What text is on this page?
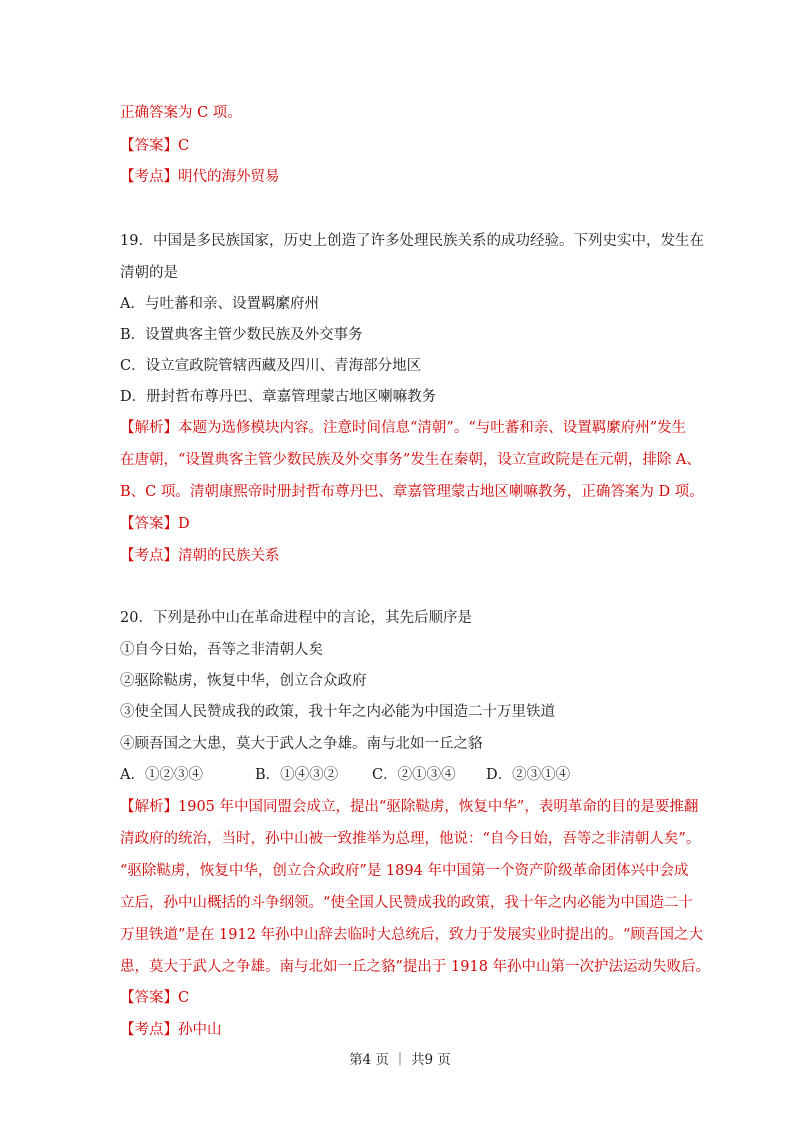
正确答案为 C 项。
【答案】C
【考点】明代的海外贸易
19．中国是多民族国家，历史上创造了许多处理民族关系的成功经验。下列史实中，发生在
清朝的是
A．与吐蕃和亲、设置羁縻府州
B．设置典客主管少数民族及外交事务
C．设立宣政院管辖西藏及四川、青海部分地区
D．册封哲布尊丹巴、章嘉管理蒙古地区喇嘛教务
【解析】本题为选修模块内容。注意时间信息“清朝”。“与吐蕃和亲、设置羁縻府州”发生
在唐朝，“设置典客主管少数民族及外交事务”发生在秦朝，设立宣政院是在元朝，排除 A、
B、C 项。清朝康熙帝时册封哲布尊丹巴、章嘉管理蒙古地区喇嘛教务，正确答案为 D 项。
【答案】D
【考点】清朝的民族关系
20．下列是孙中山在革命进程中的言论，其先后顺序是
①自今日始，吾等之非清朝人矣
②驱除鞑虏，恢复中华，创立合众政府
③使全国人民赞成我的政策，我十年之内必能为中国造二十万里铁道
④顾吾国之大患，莫大于武人之争雄。南与北如一丘之貉
A．①②③④	B．①④③② C．②①③④ D．②③①④
【解析】1905 年中国同盟会成立，提出“驱除鞑虏，恢复中华”，表明革命的目的是要推翻
清政府的统治，当时，孙中山被一致推举为总理，他说：“自今日始，吾等之非清朝人矣”。
“驱除鞑虏，恢复中华，创立合众政府”是 1894 年中国第一个资产阶级革命团体兴中会成
立后，孙中山概括的斗争纲领。“使全国人民赞成我的政策，我十年之内必能为中国造二十
万里铁道”是在 1912 年孙中山辞去临时大总统后，致力于发展实业时提出的。“顾吾国之大
患，莫大于武人之争雄。南与北如一丘之貉”提出于 1918 年孙中山第一次护法运动失败后。
【答案】C
【考点】孙中山
第4 页 ｜ 共9 页
